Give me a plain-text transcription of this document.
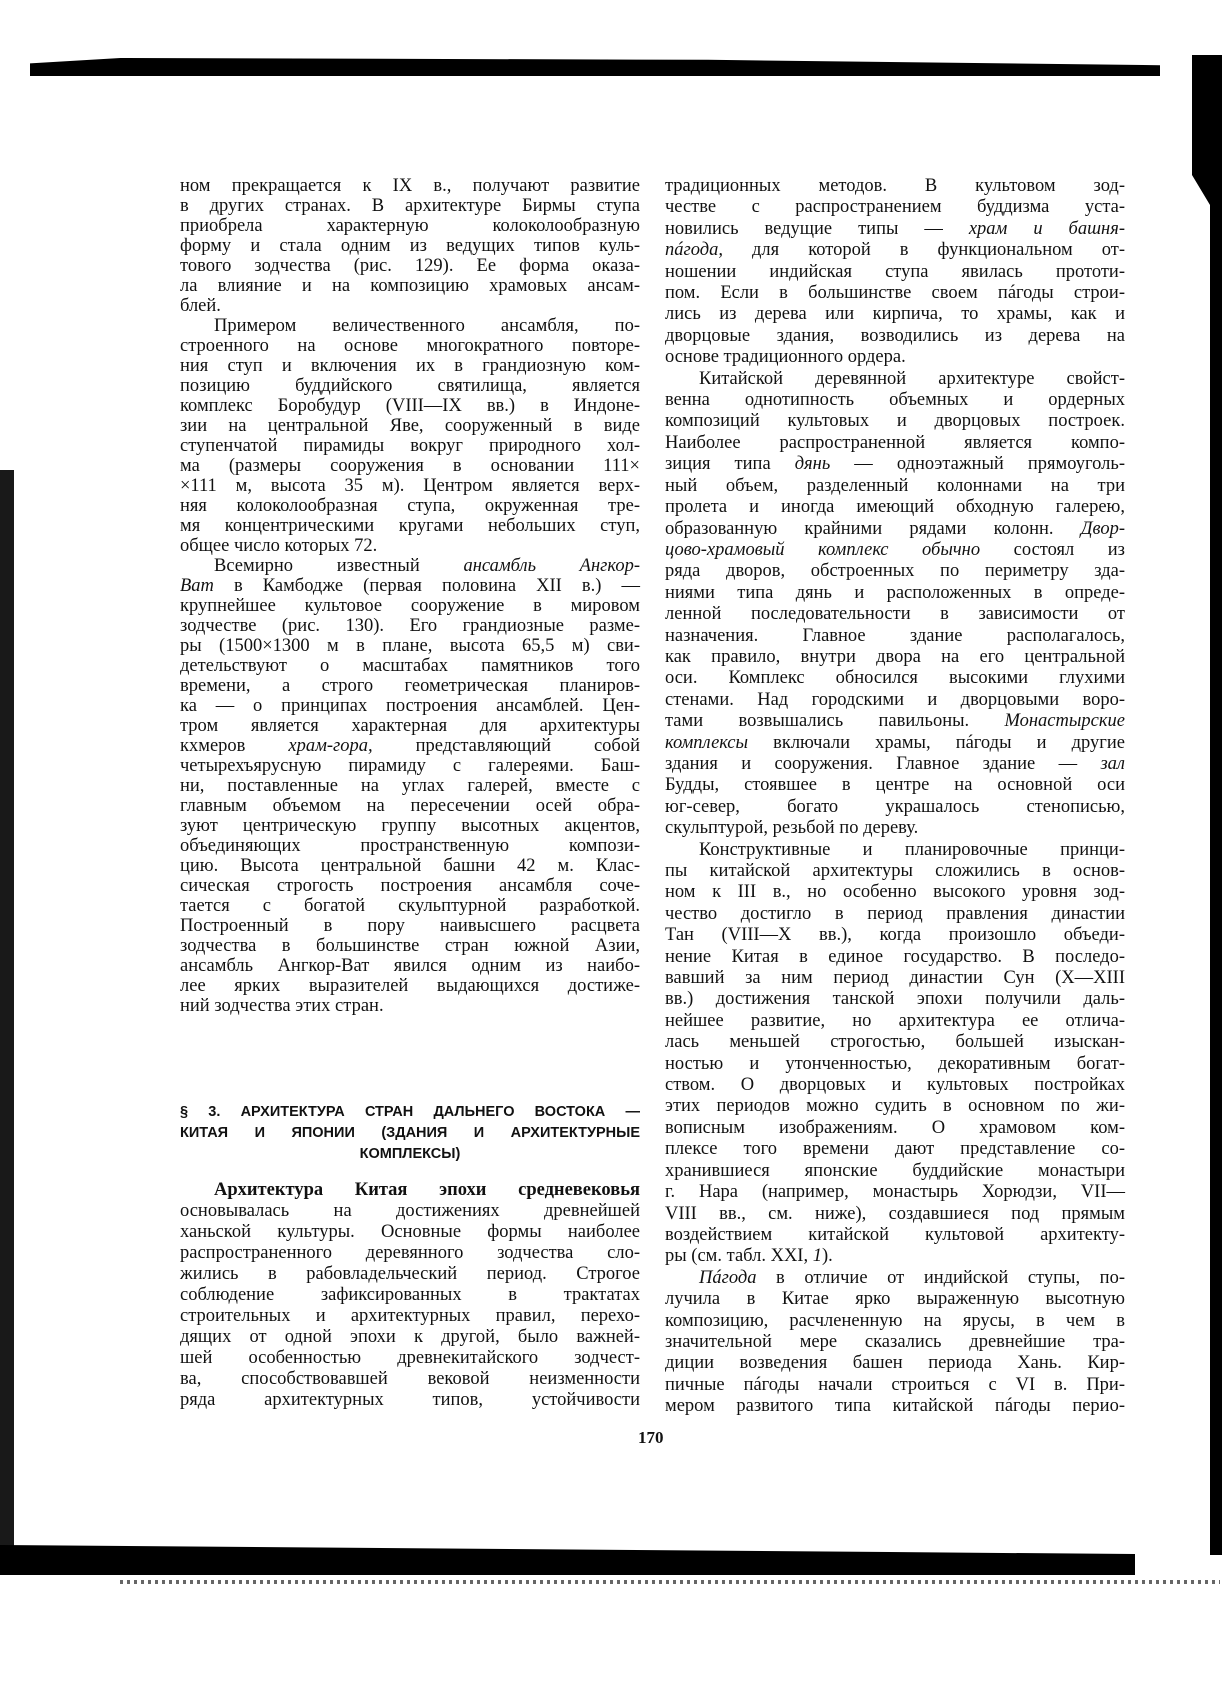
ном прекращается к IX в., получают развитие
в других странах. В архитектуре Бирмы ступа
приобрела характерную колоколообразную
форму и стала одним из ведущих типов куль-
тового зодчества (рис. 129). Ее форма оказа-
ла влияние и на композицию храмовых ансам-
блей.
Примером величественного ансамбля, по-
строенного на основе многократного повторе-
ния ступ и включения их в грандиозную ком-
позицию буддийского святилища, является
комплекс Боробудур (VIII—IX вв.) в Индоне-
зии на центральной Яве, сооруженный в виде
ступенчатой пирамиды вокруг природного хол-
ма (размеры сооружения в основании 111×
×111 м, высота 35 м). Центром является верх-
няя колоколообразная ступа, окруженная тре-
мя концентрическими кругами небольших ступ,
общее число которых 72.
Всемирно известный ансамбль Ангкор-
Ват в Камбодже (первая половина XII в.) —
крупнейшее культовое сооружение в мировом
зодчестве (рис. 130). Его грандиозные разме-
ры (1500×1300 м в плане, высота 65,5 м) сви-
детельствуют о масштабах памятников того
времени, а строго геометрическая планиров-
ка — о принципах построения ансамблей. Цен-
тром является характерная для архитектуры
кхмеров храм-гора, представляющий собой
четырехъярусную пирамиду с галереями. Баш-
ни, поставленные на углах галерей, вместе с
главным объемом на пересечении осей обра-
зуют центрическую группу высотных акцентов,
объединяющих пространственную компози-
цию. Высота центральной башни 42 м. Клас-
сическая строгость построения ансамбля соче-
тается с богатой скульптурной разработкой.
Построенный в пору наивысшего расцвета
зодчества в большинстве стран южной Азии,
ансамбль Ангкор-Ват явился одним из наибо-
лее ярких выразителей выдающихся достиже-
ний зодчества этих стран.
§ 3. АРХИТЕКТУРА СТРАН ДАЛЬНЕГО ВОСТОКА —
КИТАЯ И ЯПОНИИ (ЗДАНИЯ И АРХИТЕКТУРНЫЕ
КОМПЛЕКСЫ)
Архитектура Китая эпохи средневековья
основывалась на достижениях древнейшей
ханьской культуры. Основные формы наиболее
распространенного деревянного зодчества сло-
жились в рабовладельческий период. Строгое
соблюдение зафиксированных в трактатах
строительных и архитектурных правил, перехо-
дящих от одной эпохи к другой, было важней-
шей особенностью древнекитайского зодчест-
ва, способствовавшей вековой неизменности
ряда архитектурных типов, устойчивости
традиционных методов. В культовом зод-
честве с распространением буддизма уста-
новились ведущие типы — храм и башня-
пáгода, для которой в функциональном от-
ношении индийская ступа явилась прототи-
пом. Если в большинстве своем пáгоды строи-
лись из дерева или кирпича, то храмы, как и
дворцовые здания, возводились из дерева на
основе традиционного ордера.
Китайской деревянной архитектуре свойст-
венна однотипность объемных и ордерных
композиций культовых и дворцовых построек.
Наиболее распространенной является компо-
зиция типа дянь — одноэтажный прямоуголь-
ный объем, разделенный колоннами на три
пролета и иногда имеющий обходную галерею,
образованную крайними рядами колонн. Двор-
цово-храмовый комплекс обычно состоял из
ряда дворов, обстроенных по периметру зда-
ниями типа дянь и расположенных в опреде-
ленной последовательности в зависимости от
назначения. Главное здание располагалось,
как правило, внутри двора на его центральной
оси. Комплекс обносился высокими глухими
стенами. Над городскими и дворцовыми воро-
тами возвышались павильоны. Монастырские
комплексы включали храмы, пáгоды и другие
здания и сооружения. Главное здание — зал
Будды, стоявшее в центре на основной оси
юг-север, богато украшалось стенописью,
скульптурой, резьбой по дереву.
Конструктивные и планировочные принци-
пы китайской архитектуры сложились в основ-
ном к III в., но особенно высокого уровня зод-
чество достигло в период правления династии
Тан (VIII—X вв.), когда произошло объеди-
нение Китая в единое государство. В последо-
вавший за ним период династии Сун (X—XIII
вв.) достижения танской эпохи получили даль-
нейшее развитие, но архитектура ее отлича-
лась меньшей строгостью, большей изыскан-
ностью и утонченностью, декоративным богат-
ством. О дворцовых и культовых постройках
этих периодов можно судить в основном по жи-
вописным изображениям. О храмовом ком-
плексе того времени дают представление со-
хранившиеся японские буддийские монастыри
г. Нара (например, монастырь Хорюдзи, VII—
VIII вв., см. ниже), создавшиеся под прямым
воздействием китайской культовой архитекту-
ры (см. табл. XXI, 1).
Пáгода в отличие от индийской ступы, по-
лучила в Китае ярко выраженную высотную
композицию, расчлененную на ярусы, в чем в
значительной мере сказались древнейшие тра-
диции возведения башен периода Хань. Кир-
пичные пáгоды начали строиться с VI в. При-
мером развитого типа китайской пáгоды перио-
170
